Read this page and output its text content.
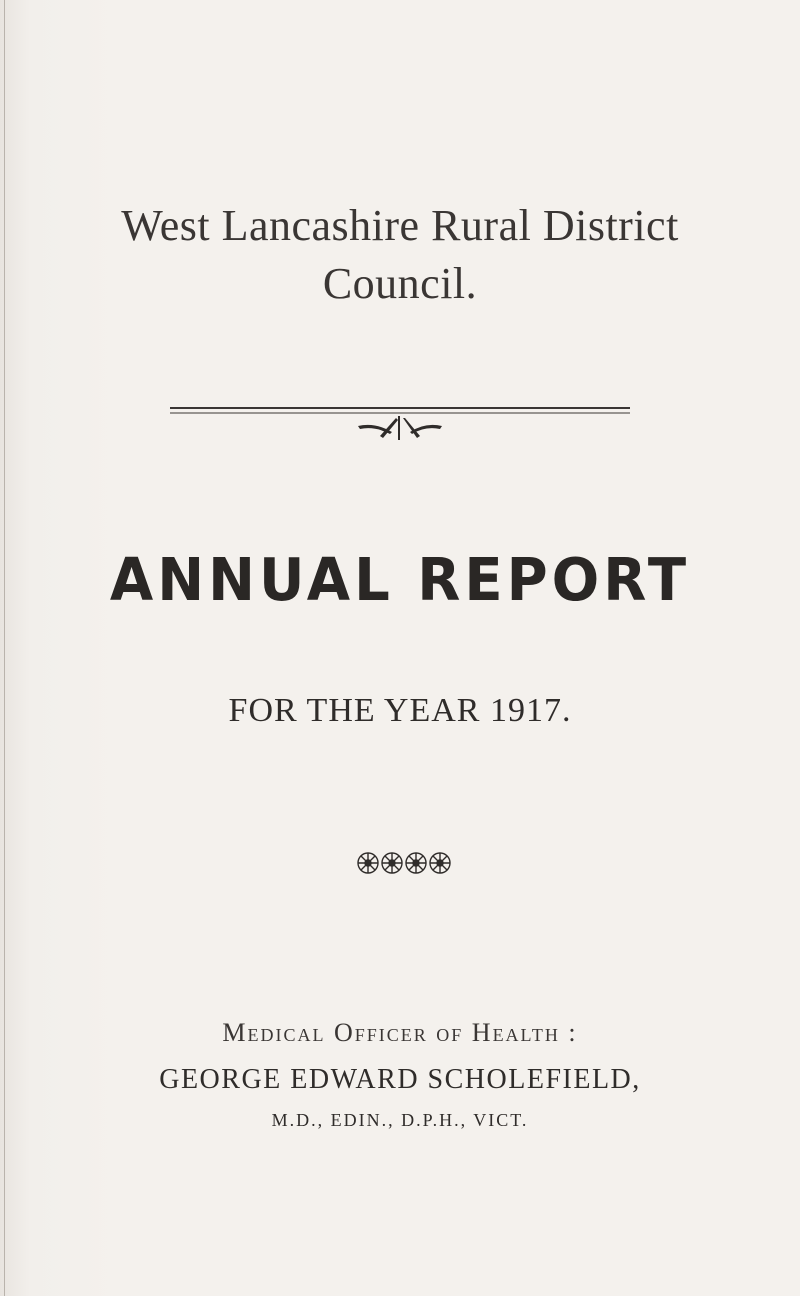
West Lancashire Rural District
Council.
ANNUAL REPORT
FOR THE YEAR 1917.
Medical Officer of Health :
GEORGE EDWARD SCHOLEFIELD,
M.D., EDIN., D.P.H., VICT.
